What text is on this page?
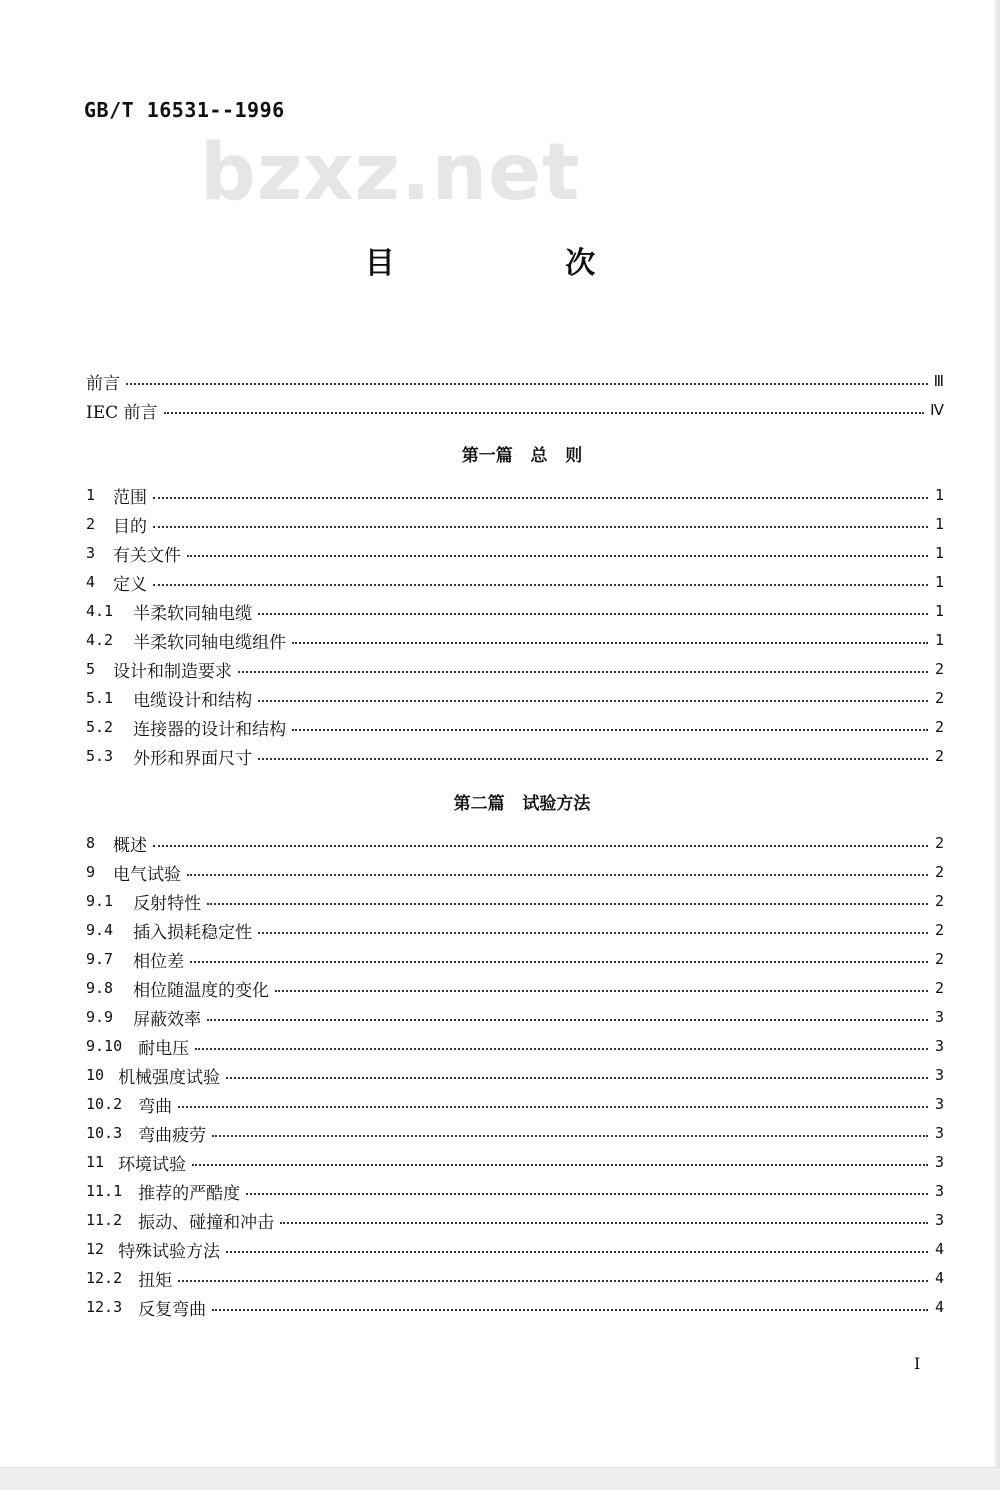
GB/T 16531--1996
bzxz.net
目 次
前言	Ⅲ
IEC 前言	Ⅳ
第一篇   总   则
1 范围	1
2 目的	1
3 有关文件	1
4 定义	1
4.1 半柔软同轴电缆	1
4.2 半柔软同轴电缆组件	1
5 设计和制造要求	2
5.1 电缆设计和结构	2
5.2 连接器的设计和结构	2
5.3 外形和界面尺寸	2
第二篇   试验方法
8 概述	2
9 电气试验	2
9.1 反射特性	2
9.4 插入损耗稳定性	2
9.7 相位差	2
9.8 相位随温度的变化	2
9.9 屏蔽效率	3
9.10 耐电压	3
10 机械强度试验	3
10.2 弯曲	3
10.3 弯曲疲劳	3
11 环境试验	3
11.1 推荐的严酷度	3
11.2 振动、碰撞和冲击	3
12 特殊试验方法	4
12.2 扭矩	4
12.3 反复弯曲	4
I
